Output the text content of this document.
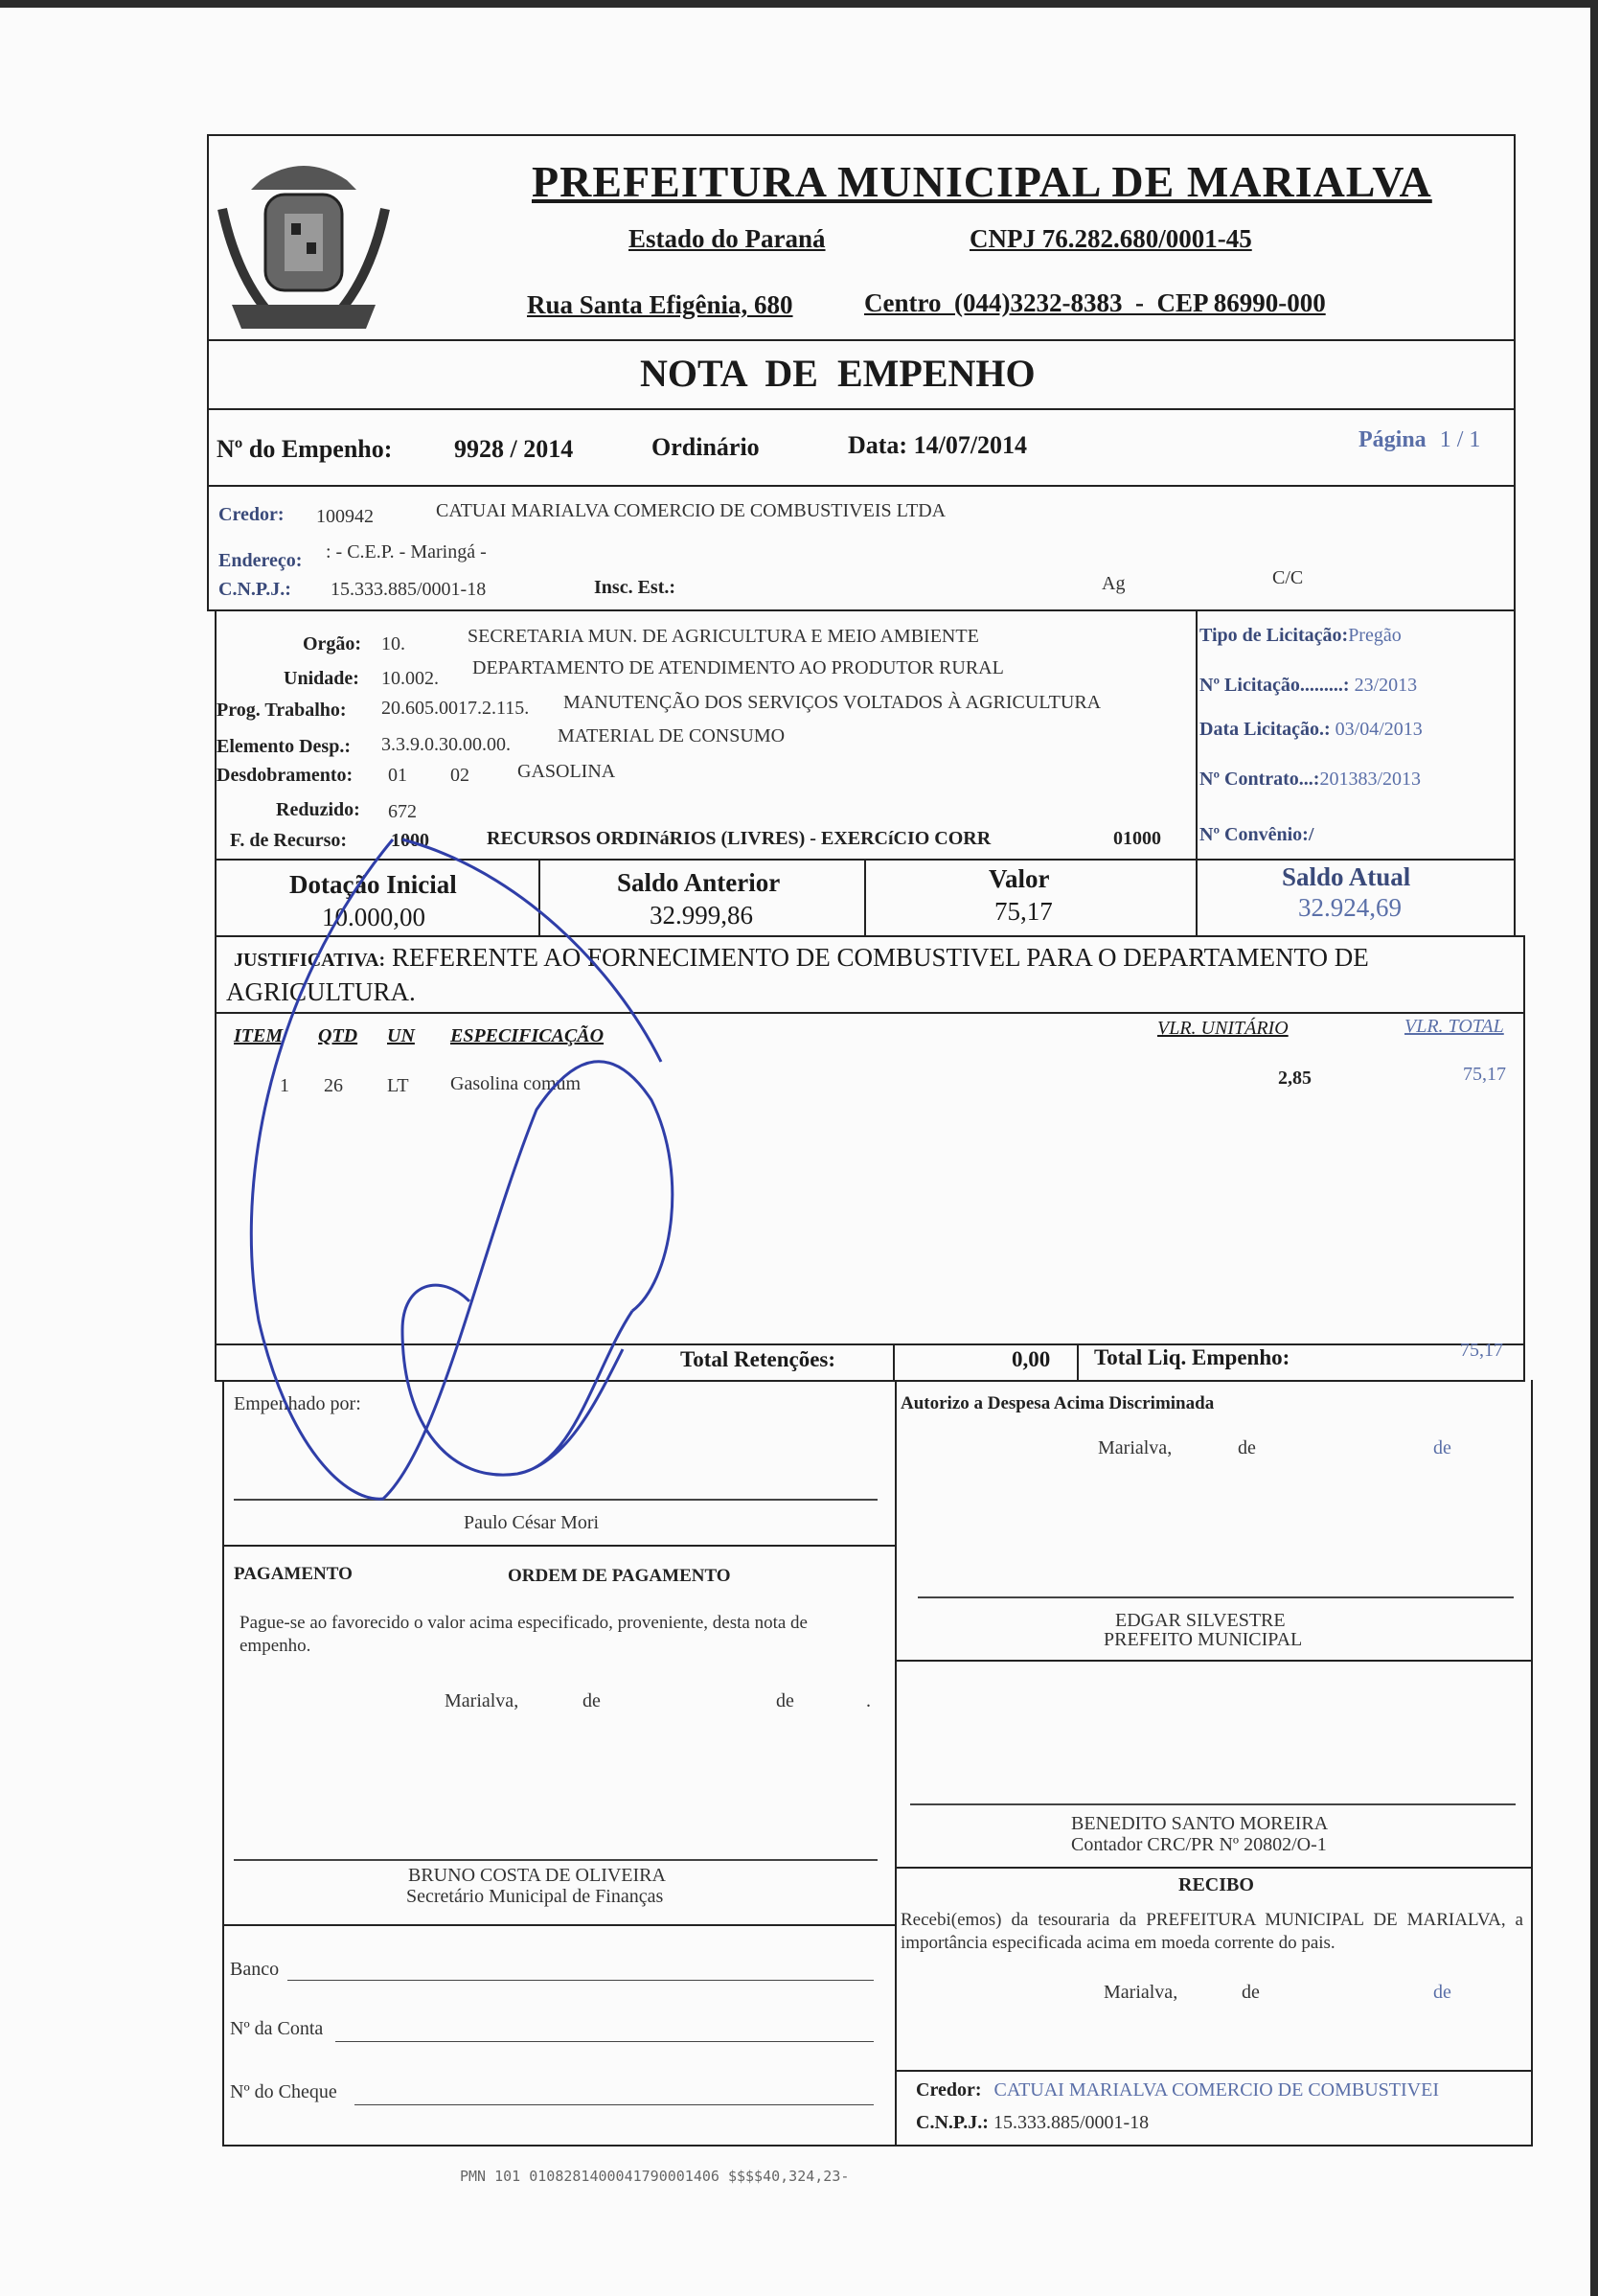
PREFEITURA MUNICIPAL DE MARIALVA
Estado do Paraná	CNPJ 76.282.680/0001-45
Rua Santa Efigênia, 680	Centro  (044)3232-8383  -  CEP 86990-000
NOTA  DE  EMPENHO
Nº do Empenho: 9928 / 2014	Ordinário	Data: 14/07/2014	Página 1 / 1
Credor: 100942	CATUAI MARIALVA COMERCIO DE COMBUSTIVEIS LTDA
Endereço: : - C.E.P. - Maringá -
C.N.P.J.: 15.333.885/0001-18	Insc. Est.:	Ag	C/C
Orgão: 10.	SECRETARIA MUN. DE AGRICULTURA E MEIO AMBIENTE
Unidade: 10.002. DEPARTAMENTO DE ATENDIMENTO AO PRODUTOR RURAL
Prog. Trabalho: 20.605.0017.2.115. MANUTENÇÃO DOS SERVIÇOS VOLTADOS À AGRICULTURA
Elemento Desp.: 3.3.9.0.30.00.00. MATERIAL DE CONSUMO
Desdobramento: 01 02	GASOLINA
Reduzido: 672
F. de Recurso: 1000	RECURSOS ORDINáRIOS (LIVRES) - EXERCíCIO CORR	01000
Tipo de Licitação:Pregão
Nº Licitação.........: 23/2013
Data Licitação.: 03/04/2013
Nº Contrato...:201383/2013
Nº Convênio:/
Dotação Inicial
10.000,00
Saldo Anterior
32.999,86
Valor
75,17
Saldo Atual
32.924,69
JUSTIFICATIVA: REFERENTE AO FORNECIMENTO DE COMBUSTIVEL PARA O DEPARTAMENTO DE
AGRICULTURA.
ITEM QTD UN ESPECIFICAÇÃO	VLR. UNITÁRIO	VLR. TOTAL
1 26 LT Gasolina comum	2,85	75,17
Total Retenções:	0,00 Total Liq. Empenho:	75,17
Empenhado por:
Paulo César Mori
Autorizo a Despesa Acima Discriminada
Marialva,	de	de
EDGAR SILVESTRE
PREFEITO MUNICIPAL
PAGAMENTO	ORDEM DE PAGAMENTO
Pague-se ao favorecido o valor acima especificado, proveniente, desta nota de empenho.
Marialva,	de	de	.
BRUNO COSTA DE OLIVEIRA
Secretário Municipal de Finanças
BENEDITO SANTO MOREIRA
Contador CRC/PR Nº 20802/O-1
RECIBO
Recebi(emos) da tesouraria da PREFEITURA MUNICIPAL DE MARIALVA, a importância especificada acima em moeda corrente do pais.
Marialva,	de	de
Credor: CATUAI MARIALVA COMERCIO DE COMBUSTIVEI
C.N.P.J.: 15.333.885/0001-18
Banco
Nº da Conta
Nº do Cheque
PMN 101 0108281400041790001406 $$$$40,324,23-
